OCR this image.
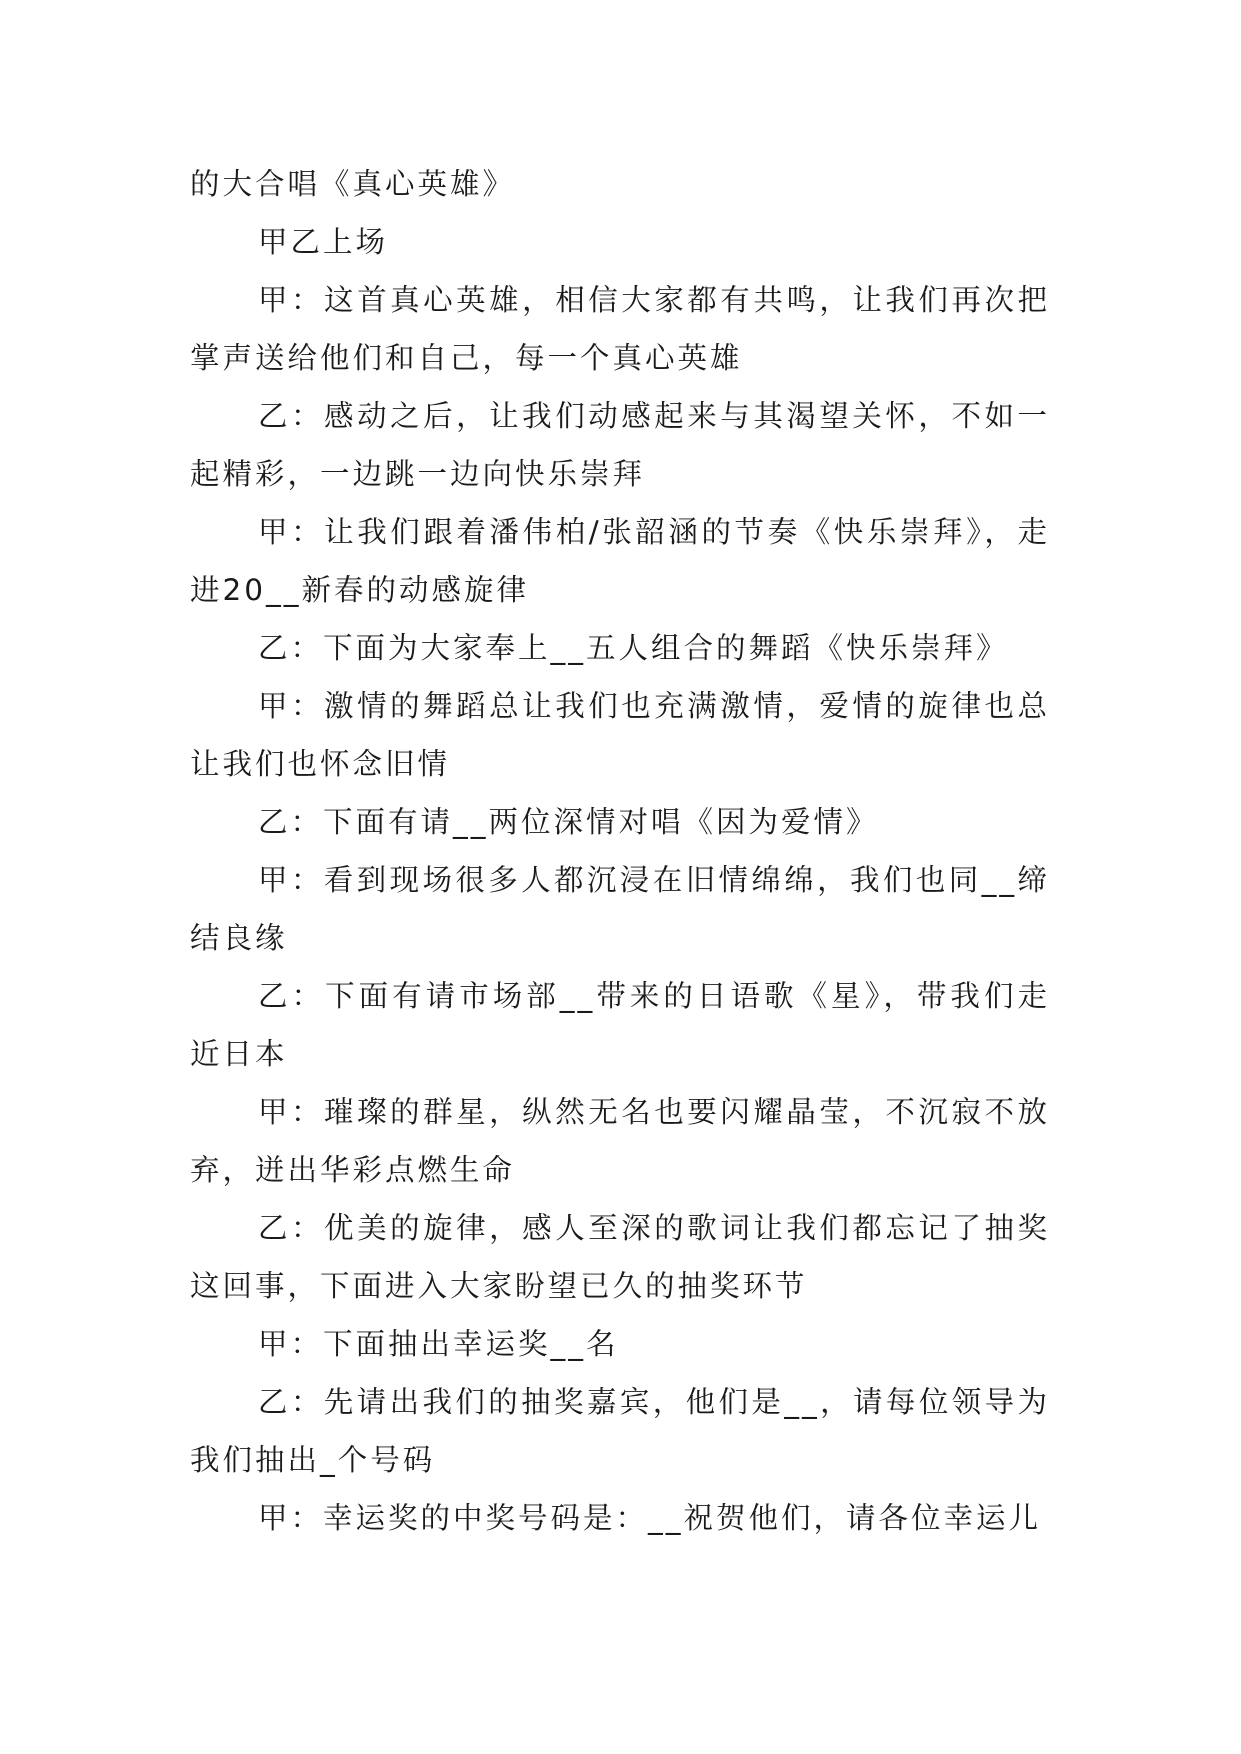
的大合唱《真心英雄》

甲乙上场

甲：这首真心英雄，相信大家都有共鸣，让我们再次把掌声送给他们和自己，每一个真心英雄

乙：感动之后，让我们动感起来与其渴望关怀，不如一起精彩，一边跳一边向快乐崇拜

甲：让我们跟着潘伟柏/张韶涵的节奏《快乐崇拜》，走进20__新春的动感旋律

乙：下面为大家奉上__五人组合的舞蹈《快乐崇拜》

甲：激情的舞蹈总让我们也充满激情，爱情的旋律也总让我们也怀念旧情

乙：下面有请__两位深情对唱《因为爱情》

甲：看到现场很多人都沉浸在旧情绵绵，我们也同__缔结良缘

乙：下面有请市场部__带来的日语歌《星》，带我们走近日本

甲：璀璨的群星，纵然无名也要闪耀晶莹，不沉寂不放弃，迸出华彩点燃生命

乙：优美的旋律，感人至深的歌词让我们都忘记了抽奖这回事，下面进入大家盼望已久的抽奖环节

甲：下面抽出幸运奖__名

乙：先请出我们的抽奖嘉宾，他们是__，请每位领导为我们抽出_个号码

甲：幸运奖的中奖号码是：__祝贺他们，请各位幸运儿
